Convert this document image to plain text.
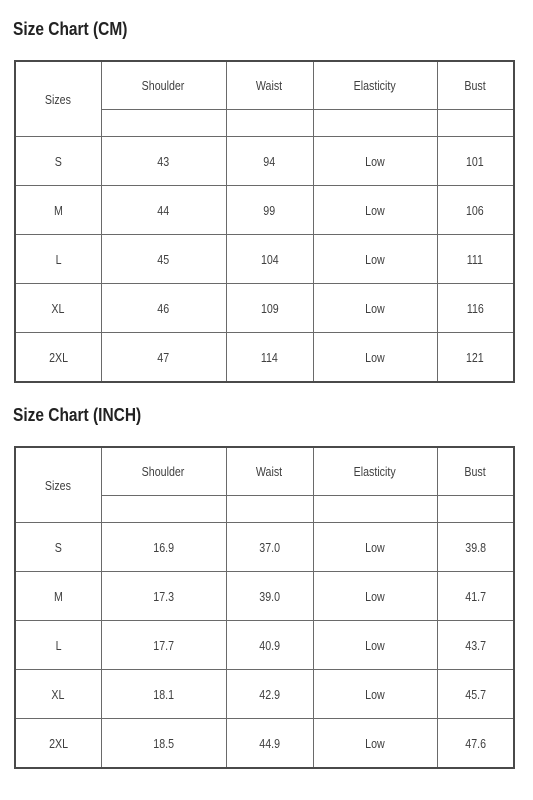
Size Chart (CM)
Sizes	Shoulder	Waist	Elasticity	Bust

S	43	94	Low	101
M	44	99	Low	106
L	45	104	Low	111
XL	46	109	Low	116
2XL	47	114	Low	121
Size Chart (INCH)
Sizes	Shoulder	Waist	Elasticity	Bust

S	16.9	37.0	Low	39.8
M	17.3	39.0	Low	41.7
L	17.7	40.9	Low	43.7
XL	18.1	42.9	Low	45.7
2XL	18.5	44.9	Low	47.6
